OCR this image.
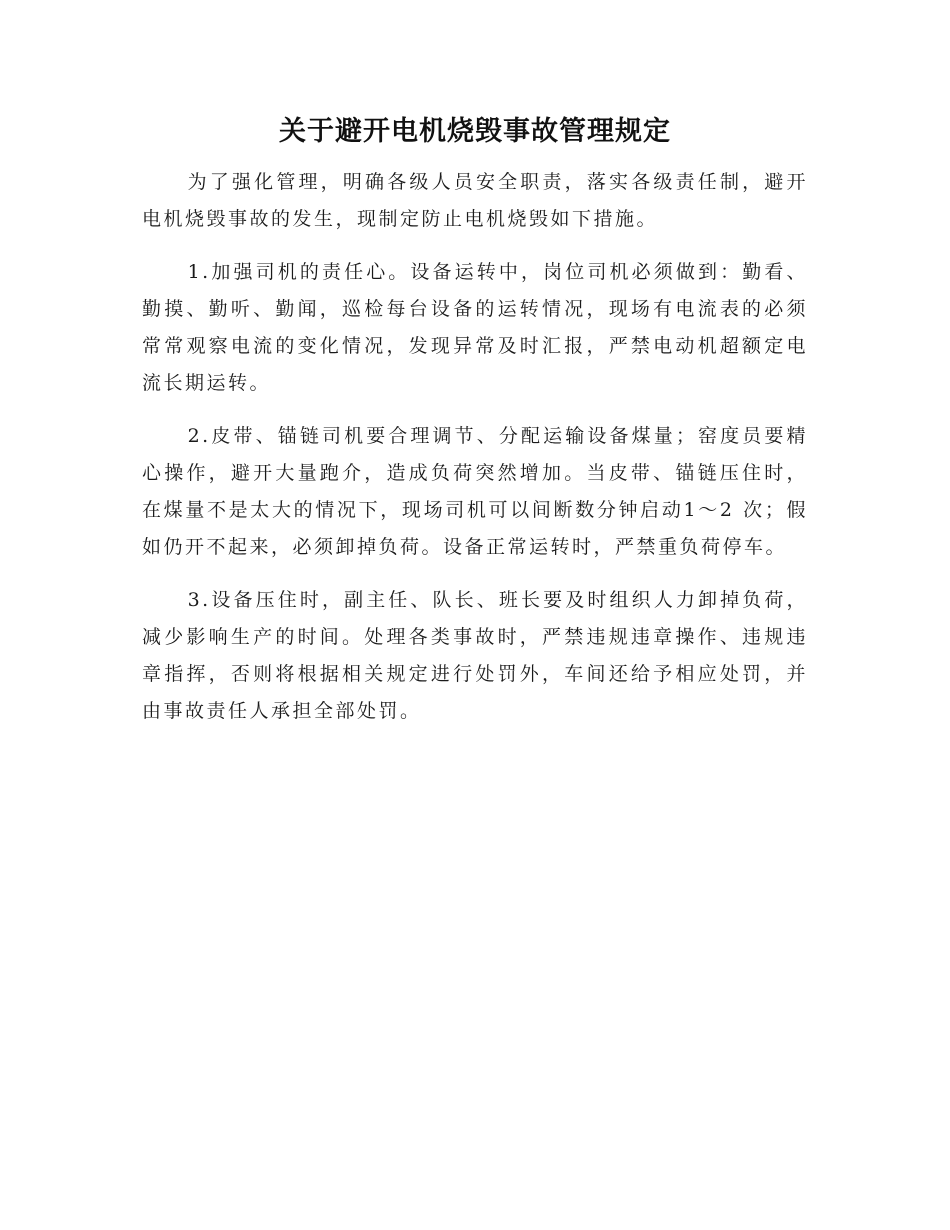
关于避开电机烧毁事故管理规定

为了强化管理，明确各级人员安全职责，落实各级责任制，避开电机烧毁事故的发生，现制定防止电机烧毁如下措施。

1.加强司机的责任心。设备运转中，岗位司机必须做到：勤看、勤摸、勤听、勤闻，巡检每台设备的运转情况，现场有电流表的必须常常观察电流的变化情况，发现异常及时汇报，严禁电动机超额定电流长期运转。

2.皮带、锚链司机要合理调节、分配运输设备煤量；窑度员要精心操作，避开大量跑介，造成负荷突然增加。当皮带、锚链压住时，在煤量不是太大的情况下，现场司机可以间断数分钟启动1～2 次；假如仍开不起来，必须卸掉负荷。设备正常运转时，严禁重负荷停车。

3.设备压住时，副主任、队长、班长要及时组织人力卸掉负荷，减少影响生产的时间。处理各类事故时，严禁违规违章操作、违规违章指挥，否则将根据相关规定进行处罚外，车间还给予相应处罚，并由事故责任人承担全部处罚。
